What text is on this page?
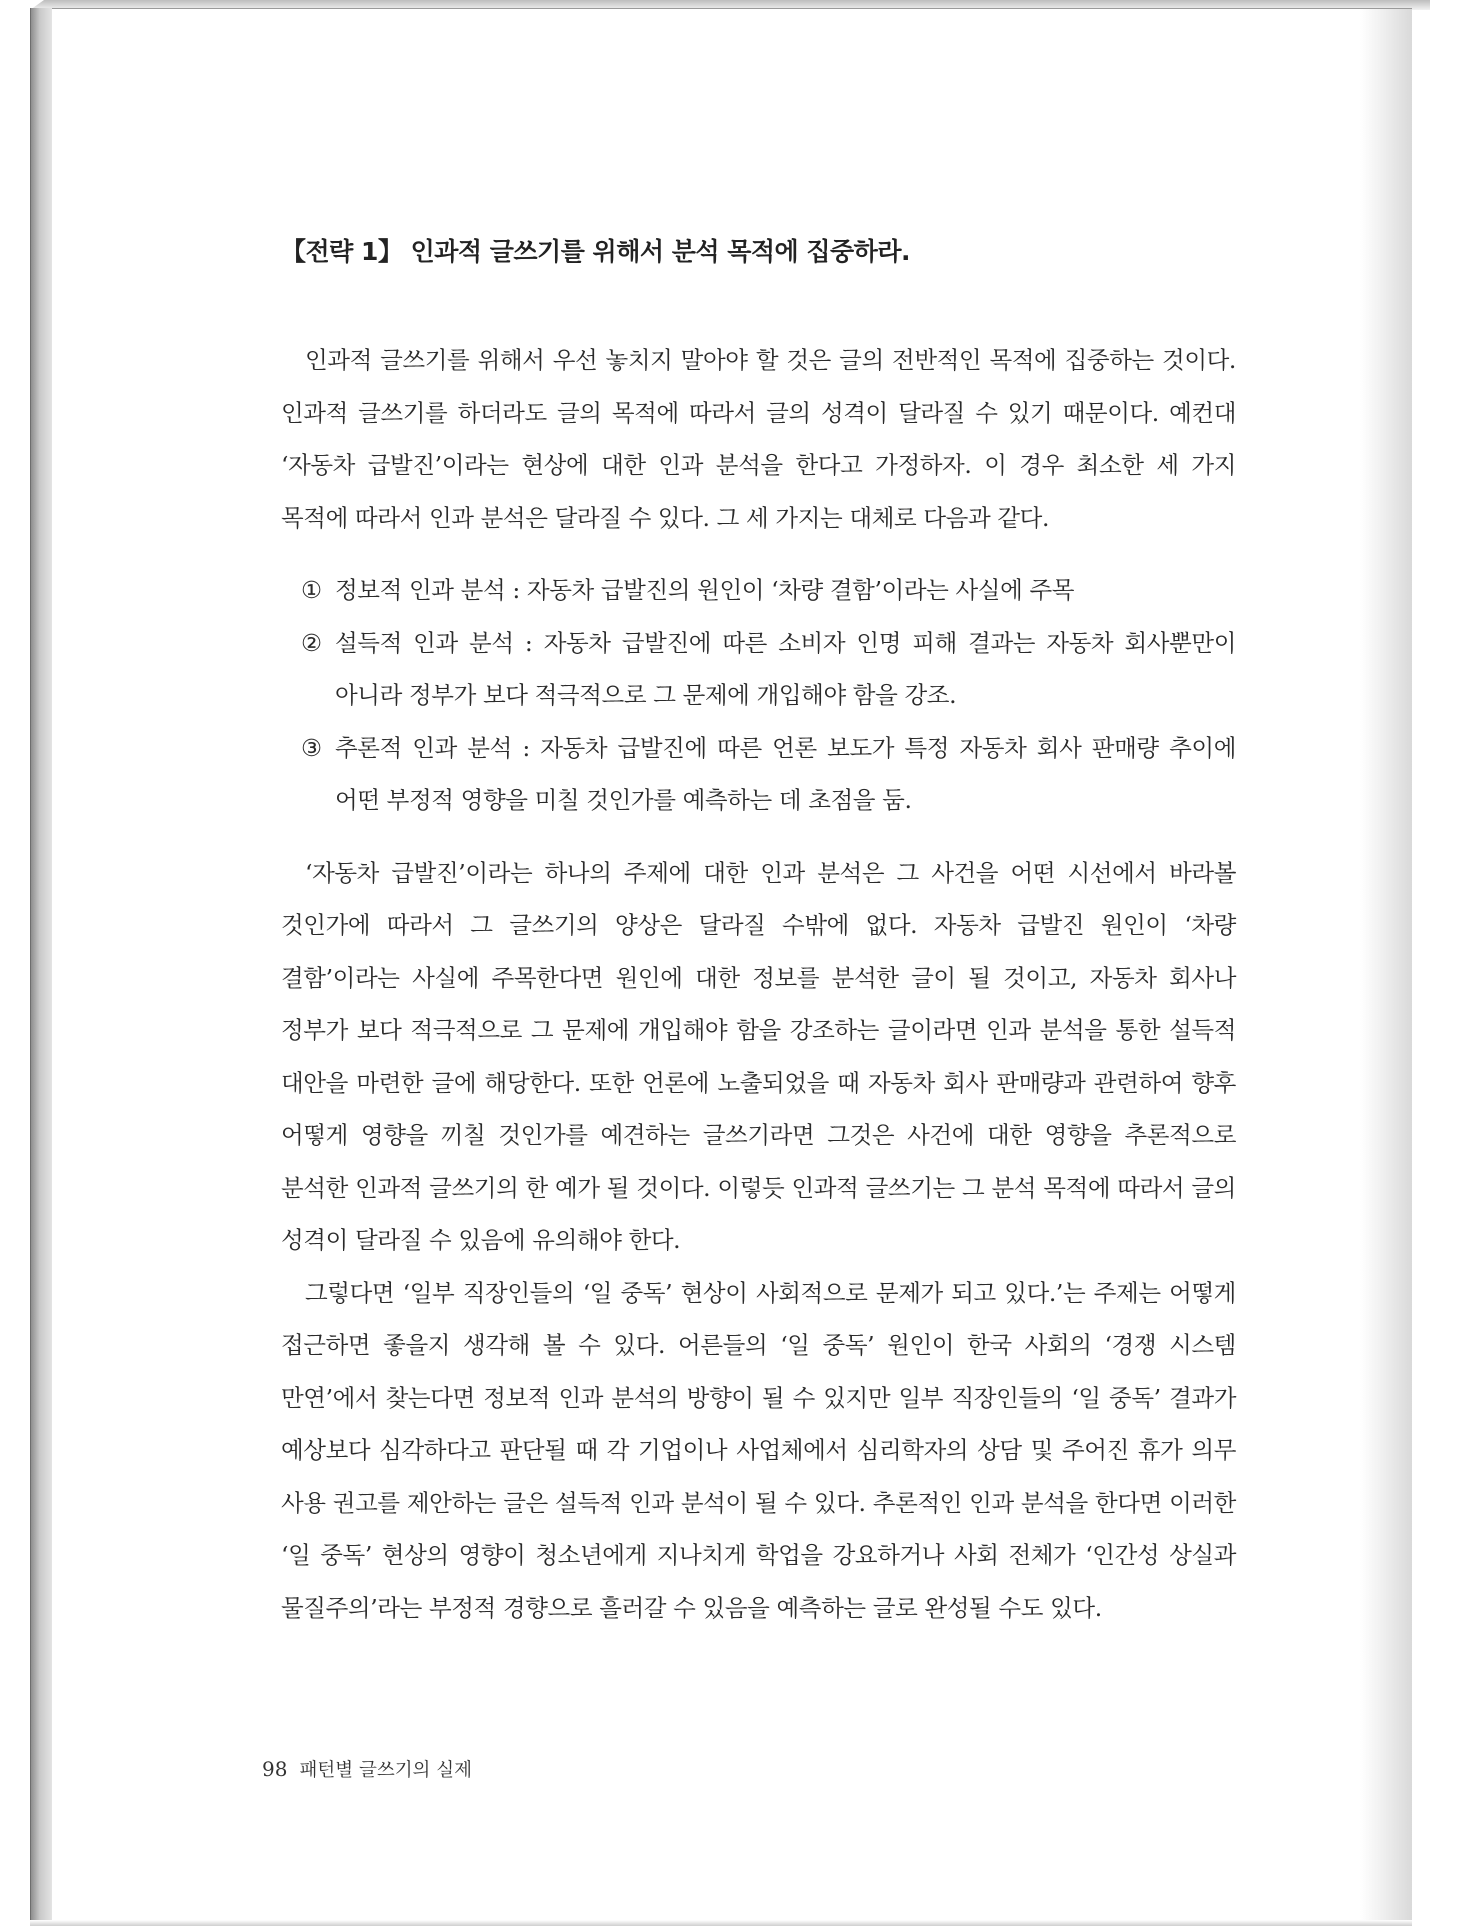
【전략 1】 인과적 글쓰기를 위해서 분석 목적에 집중하라.

인과적 글쓰기를 위해서 우선 놓치지 말아야 할 것은 글의 전반적인 목적에 집중하는 것이다. 인과적 글쓰기를 하더라도 글의 목적에 따라서 글의 성격이 달라질 수 있기 때문이다. 예컨대 ‘자동차 급발진’이라는 현상에 대한 인과 분석을 한다고 가정하자. 이 경우 최소한 세 가지 목적에 따라서 인과 분석은 달라질 수 있다. 그 세 가지는 대체로 다음과 같다.

① 정보적 인과 분석 : 자동차 급발진의 원인이 ‘차량 결함’이라는 사실에 주목
② 설득적 인과 분석 : 자동차 급발진에 따른 소비자 인명 피해 결과는 자동차 회사뿐만이 아니라 정부가 보다 적극적으로 그 문제에 개입해야 함을 강조.
③ 추론적 인과 분석 : 자동차 급발진에 따른 언론 보도가 특정 자동차 회사 판매량 추이에 어떤 부정적 영향을 미칠 것인가를 예측하는 데 초점을 둠.

‘자동차 급발진’이라는 하나의 주제에 대한 인과 분석은 그 사건을 어떤 시선에서 바라볼 것인가에 따라서 그 글쓰기의 양상은 달라질 수밖에 없다. 자동차 급발진 원인이 ‘차량 결함’이라는 사실에 주목한다면 원인에 대한 정보를 분석한 글이 될 것이고, 자동차 회사나 정부가 보다 적극적으로 그 문제에 개입해야 함을 강조하는 글이라면 인과 분석을 통한 설득적 대안을 마련한 글에 해당한다. 또한 언론에 노출되었을 때 자동차 회사 판매량과 관련하여 향후 어떻게 영향을 끼칠 것인가를 예견하는 글쓰기라면 그것은 사건에 대한 영향을 추론적으로 분석한 인과적 글쓰기의 한 예가 될 것이다. 이렇듯 인과적 글쓰기는 그 분석 목적에 따라서 글의 성격이 달라질 수 있음에 유의해야 한다.

그렇다면 ‘일부 직장인들의 ‘일 중독’ 현상이 사회적으로 문제가 되고 있다.’는 주제는 어떻게 접근하면 좋을지 생각해 볼 수 있다. 어른들의 ‘일 중독’ 원인이 한국 사회의 ‘경쟁 시스템 만연’에서 찾는다면 정보적 인과 분석의 방향이 될 수 있지만 일부 직장인들의 ‘일 중독’ 결과가 예상보다 심각하다고 판단될 때 각 기업이나 사업체에서 심리학자의 상담 및 주어진 휴가 의무 사용 권고를 제안하는 글은 설득적 인과 분석이 될 수 있다. 추론적인 인과 분석을 한다면 이러한 ‘일 중독’ 현상의 영향이 청소년에게 지나치게 학업을 강요하거나 사회 전체가 ‘인간성 상실과 물질주의’라는 부정적 경향으로 흘러갈 수 있음을 예측하는 글로 완성될 수도 있다.

98 패턴별 글쓰기의 실제
